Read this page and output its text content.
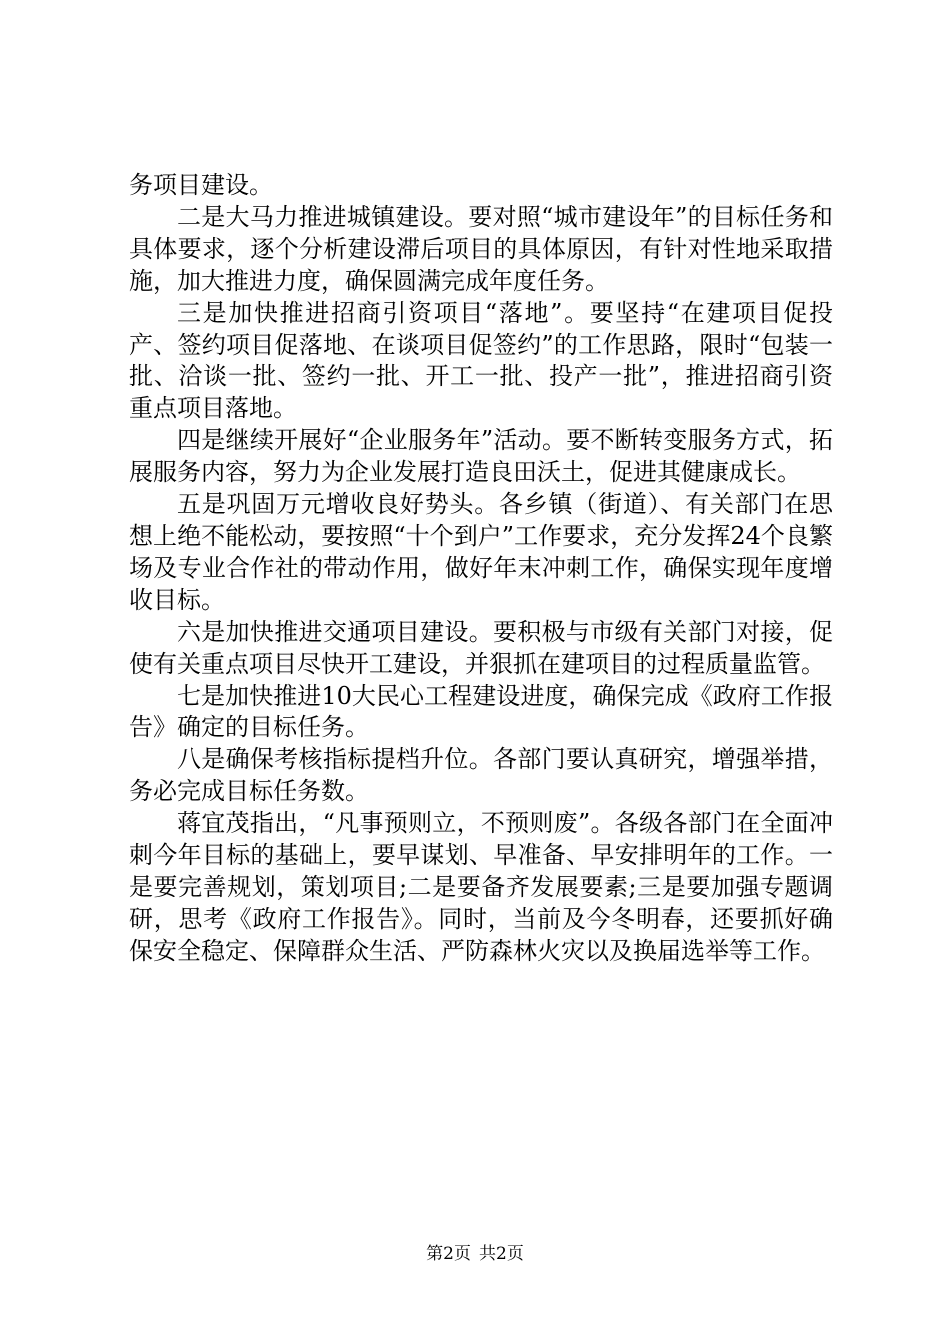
务项目建设。

二是大马力推进城镇建设。要对照“城市建设年”的目标任务和具体要求，逐个分析建设滞后项目的具体原因，有针对性地采取措施，加大推进力度，确保圆满完成年度任务。

三是加快推进招商引资项目“落地”。要坚持“在建项目促投产、签约项目促落地、在谈项目促签约”的工作思路，限时“包装一批、洽谈一批、签约一批、开工一批、投产一批”，推进招商引资重点项目落地。

四是继续开展好“企业服务年”活动。要不断转变服务方式，拓展服务内容，努力为企业发展打造良田沃土，促进其健康成长。

五是巩固万元增收良好势头。各乡镇（街道）、有关部门在思想上绝不能松动，要按照“十个到户”工作要求，充分发挥24个良繁场及专业合作社的带动作用，做好年末冲刺工作，确保实现年度增收目标。

六是加快推进交通项目建设。要积极与市级有关部门对接，促使有关重点项目尽快开工建设，并狠抓在建项目的过程质量监管。

七是加快推进10大民心工程建设进度，确保完成《政府工作报告》确定的目标任务。

八是确保考核指标提档升位。各部门要认真研究，增强举措，务必完成目标任务数。

蒋宜茂指出，“凡事预则立，不预则废”。各级各部门在全面冲刺今年目标的基础上，要早谋划、早准备、早安排明年的工作。一是要完善规划，策划项目;二是要备齐发展要素;三是要加强专题调研，思考《政府工作报告》。同时，当前及今冬明春，还要抓好确保安全稳定、保障群众生活、严防森林火灾以及换届选举等工作。

第2页 共2页
